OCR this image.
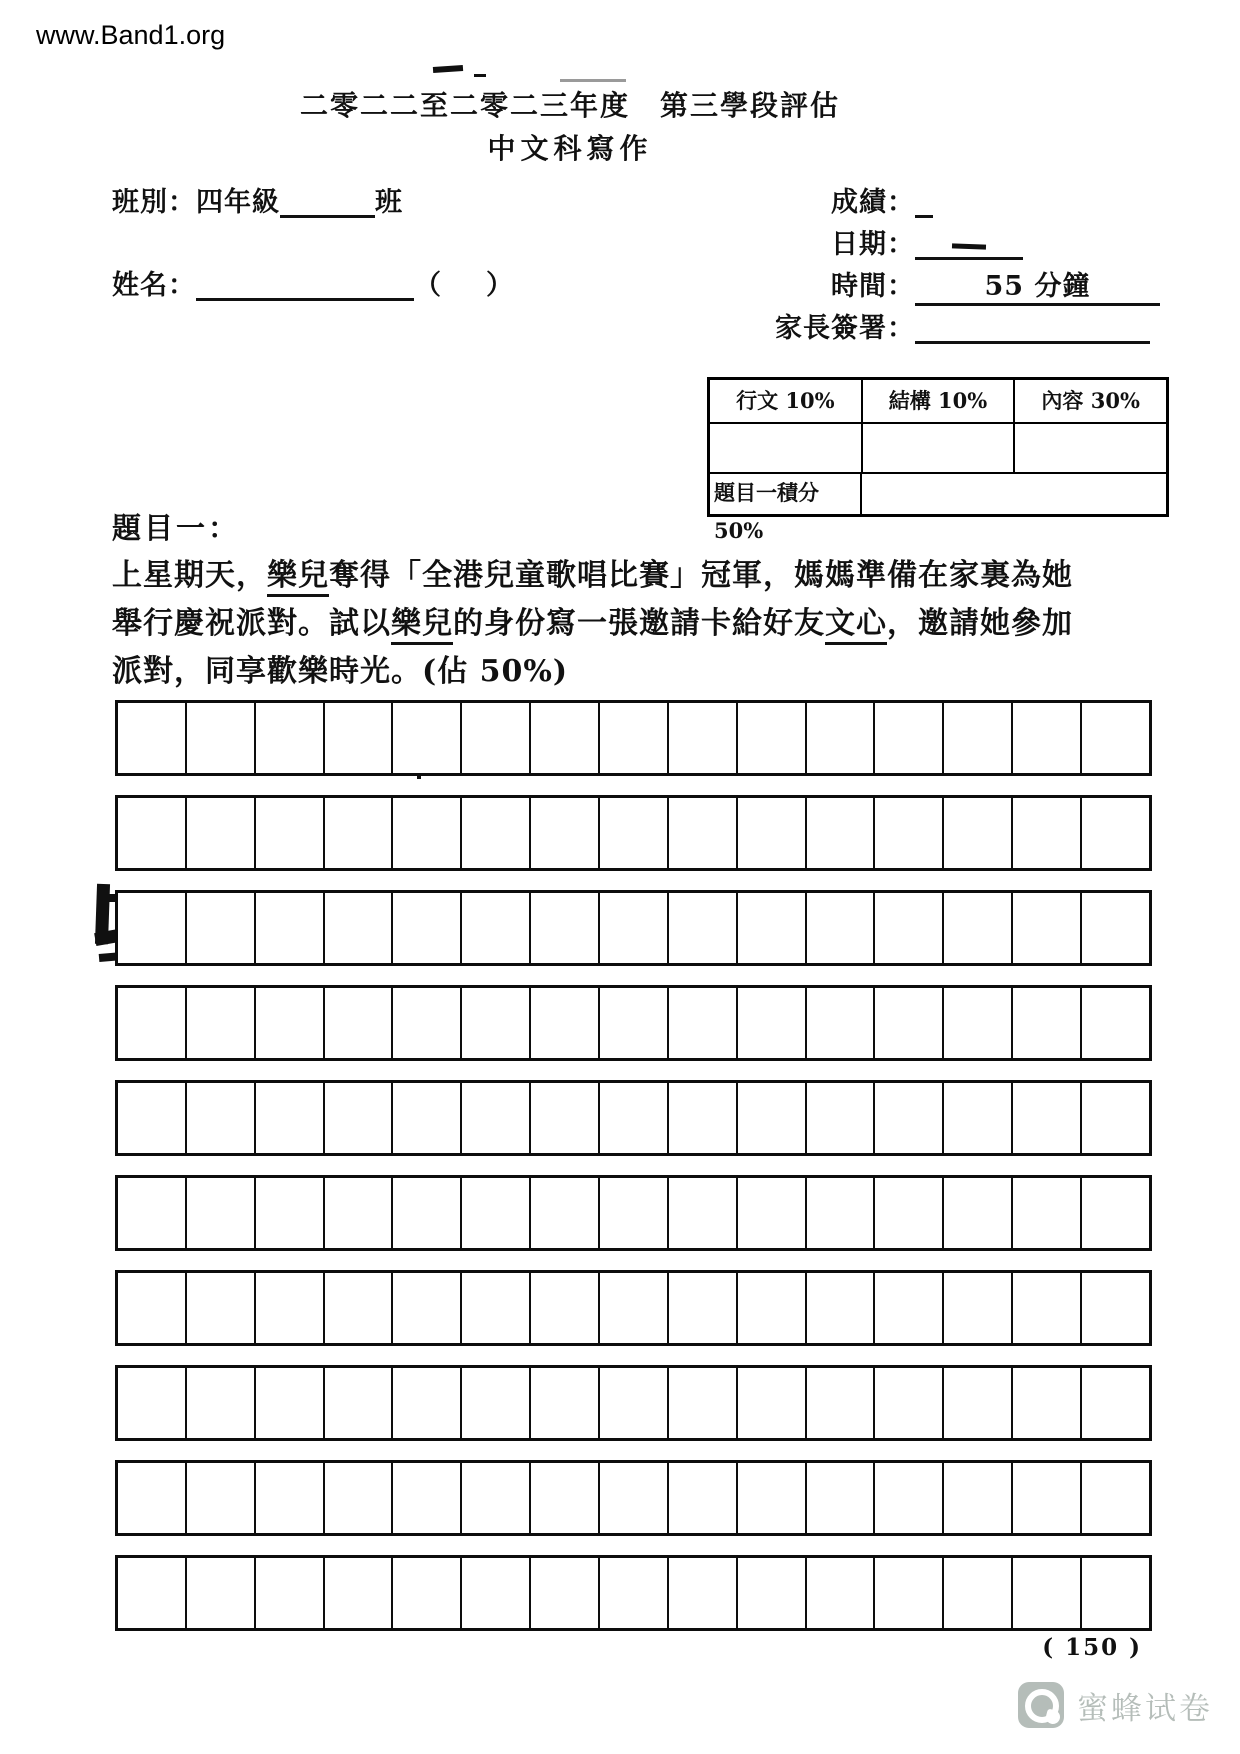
www.Band1.org
二零二二至二零二三年度　第三學段評估
中文科寫作
班別：四年級	班
姓名：	（ ）
成績：
日期：
時間：	55 分鐘
家長簽署：
行文 10%	結構 10%	內容 30%
題目一積分 50%
題目一：
上星期天，樂兒奪得「全港兒童歌唱比賽」冠軍，媽媽準備在家裏為她
舉行慶祝派對。試以樂兒的身份寫一張邀請卡給好友文心，邀請她參加
派對，同享歡樂時光。(佔 50%)
( 150 )
蜜蜂试卷
